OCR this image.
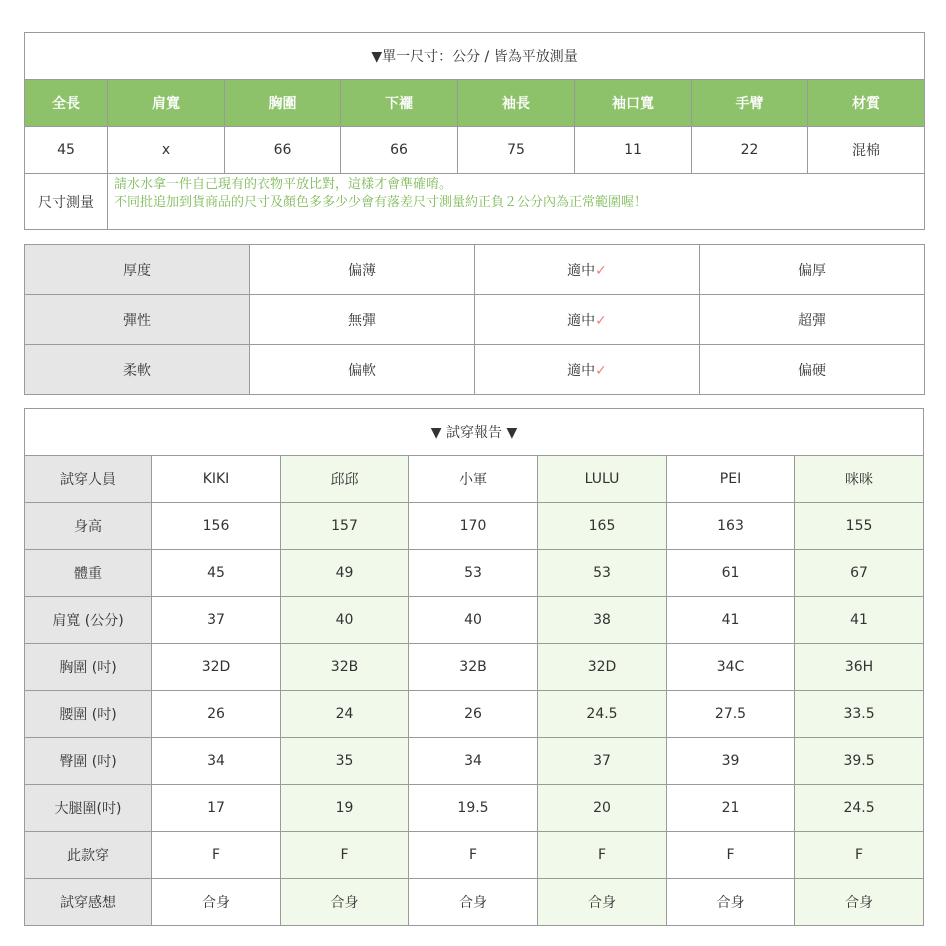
▼單一尺寸：公分 / 皆為平放測量							
全長	肩寬	胸圍	下襬	袖長	袖口寬	手臂	材質
45	x	66	66	75	11	22	混棉
尺寸測量	請水水拿一件自己現有的衣物平放比對，這樣才會準確唷。
不同批追加到貨商品的尺寸及顏色多多少少會有落差尺寸測量約正負２公分內為正常範圍喔！						
厚度	偏薄	適中✓	偏厚
彈性	無彈	適中✓	超彈
柔軟	偏軟	適中✓	偏硬
▼ 試穿報告 ▼						
試穿人員	KIKI	邱邱	小軍	LULU	PEI	咪咪
身高	156	157	170	165	163	155
體重	45	49	53	53	61	67
肩寬 (公分)	37	40	40	38	41	41
胸圍 (吋)	32D	32B	32B	32D	34C	36H
腰圍 (吋)	26	24	26	24.5	27.5	33.5
臀圍 (吋)	34	35	34	37	39	39.5
大腿圍(吋)	17	19	19.5	20	21	24.5
此款穿	F	F	F	F	F	F
試穿感想	合身	合身	合身	合身	合身	合身
